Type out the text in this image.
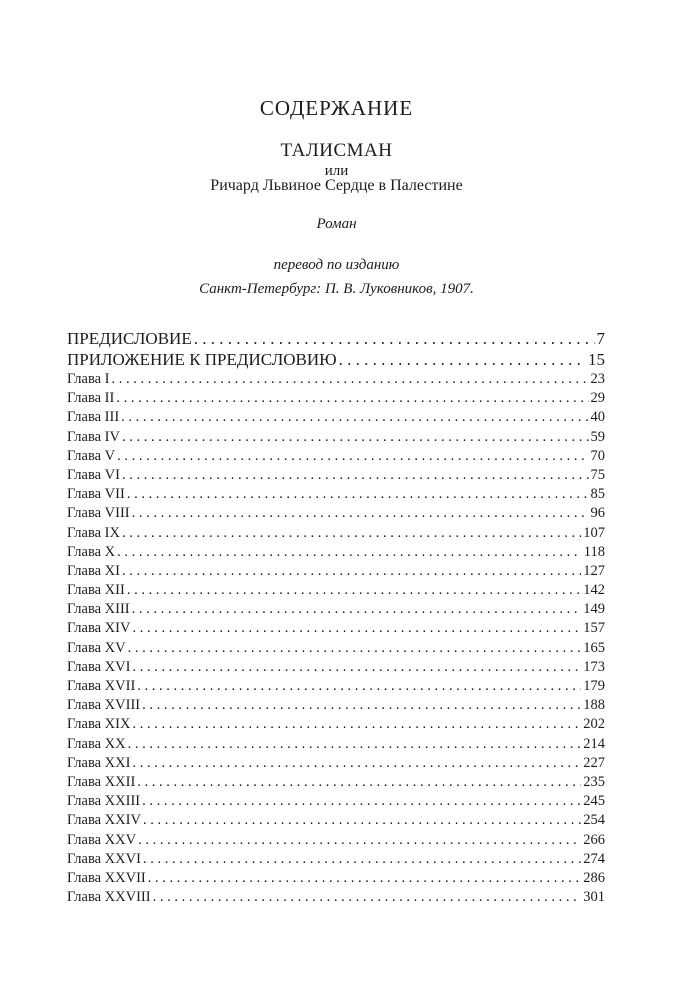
СОДЕРЖАНИЕ
ТАЛИСМАН
или
Ричард Львиное Сердце в Палестине
Роман
перевод по изданию
Санкт-Петербург: П. В. Луковников, 1907.
ПРЕДИСЛОВИЕ . . .	7
ПРИЛОЖЕНИЕ К ПРЕДИСЛОВИЮ . . .	15
Глава I . . .	23
Глава II . . .	29
Глава III . . .	40
Глава IV . . .	59
Глава V . . .	70
Глава VI . . .	75
Глава VII . . .	85
Глава VIII . . .	96
Глава IX . . .	107
Глава X . . .	118
Глава XI . . .	127
Глава XII . . .	142
Глава XIII . . .	149
Глава XIV . . .	157
Глава XV . . .	165
Глава XVI . . .	173
Глава XVII . . .	179
Глава XVIII . . .	188
Глава XIX . . .	202
Глава XX . . .	214
Глава XXI . . .	227
Глава XXII . . .	235
Глава XXIII . . .	245
Глава XXIV . . .	254
Глава XXV . . .	266
Глава XXVI . . .	274
Глава XXVII . . .	286
Глава XXVIII . . .	301
